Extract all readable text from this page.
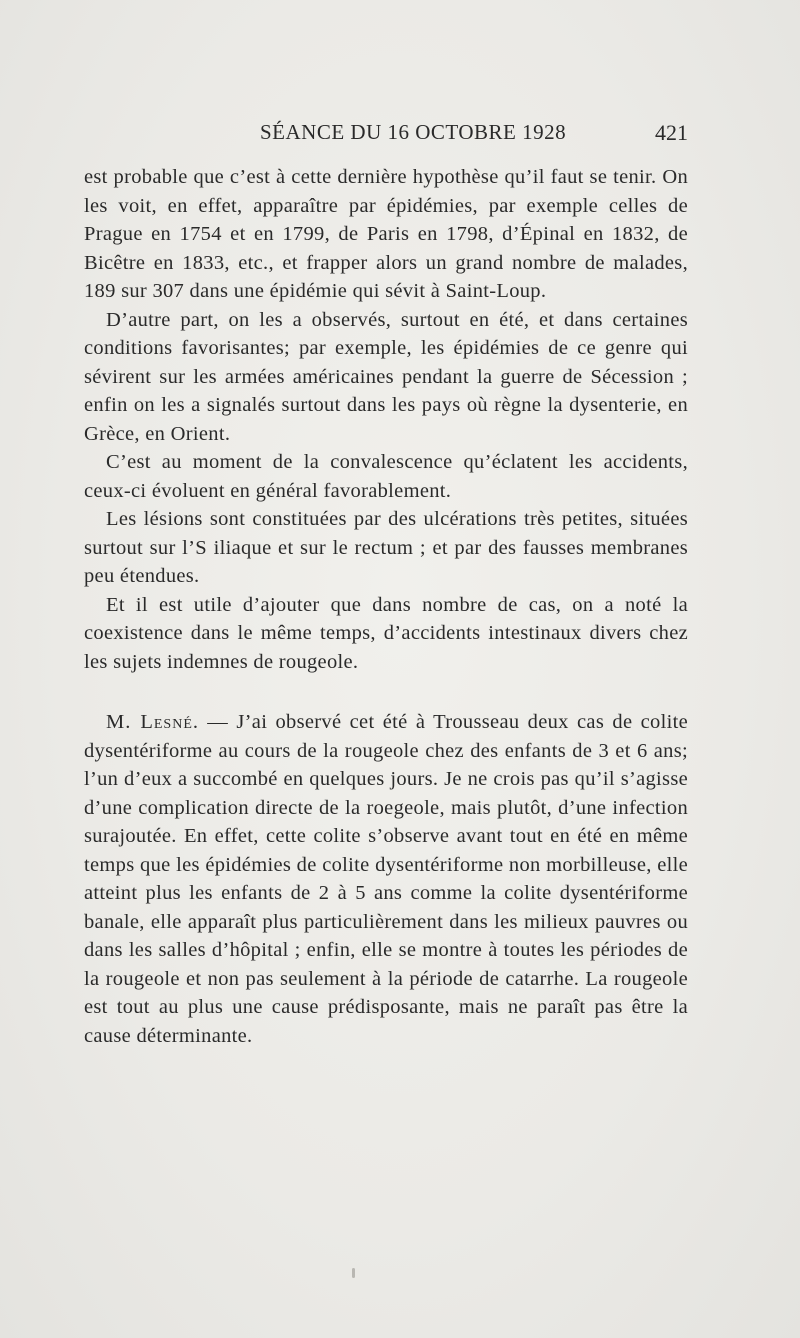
SÉANCE DU 16 OCTOBRE 1928	421

est probable que c’est à cette dernière hypothèse qu’il faut se tenir. On les voit, en effet, apparaître par épidémies, par exemple celles de Prague en 1754 et en 1799, de Paris en 1798, d’Épinal en 1832, de Bicêtre en 1833, etc., et frapper alors un grand nombre de malades, 189 sur 307 dans une épidémie qui sévit à Saint-Loup.

D’autre part, on les a observés, surtout en été, et dans certaines conditions favorisantes; par exemple, les épidémies de ce genre qui sévirent sur les armées américaines pendant la guerre de Sécession ; enfin on les a signalés surtout dans les pays où règne la dysenterie, en Grèce, en Orient.

C’est au moment de la convalescence qu’éclatent les accidents, ceux-ci évoluent en général favorablement.

Les lésions sont constituées par des ulcérations très petites, situées surtout sur l’S iliaque et sur le rectum ; et par des fausses membranes peu étendues.

Et il est utile d’ajouter que dans nombre de cas, on a noté la coexistence dans le même temps, d’accidents intestinaux divers chez les sujets indemnes de rougeole.

M. Lesné. — J’ai observé cet été à Trousseau deux cas de colite dysentériforme au cours de la rougeole chez des enfants de 3 et 6 ans; l’un d’eux a succombé en quelques jours. Je ne crois pas qu’il s’agisse d’une complication directe de la roegeole, mais plutôt, d’une infection surajoutée. En effet, cette colite s’observe avant tout en été en même temps que les épidémies de colite dysentériforme non morbilleuse, elle atteint plus les enfants de 2 à 5 ans comme la colite dysentériforme banale, elle apparaît plus particulièrement dans les milieux pauvres ou dans les salles d’hôpital ; enfin, elle se montre à toutes les périodes de la rougeole et non pas seulement à la période de catarrhe. La rougeole est tout au plus une cause prédisposante, mais ne paraît pas être la cause déterminante.
